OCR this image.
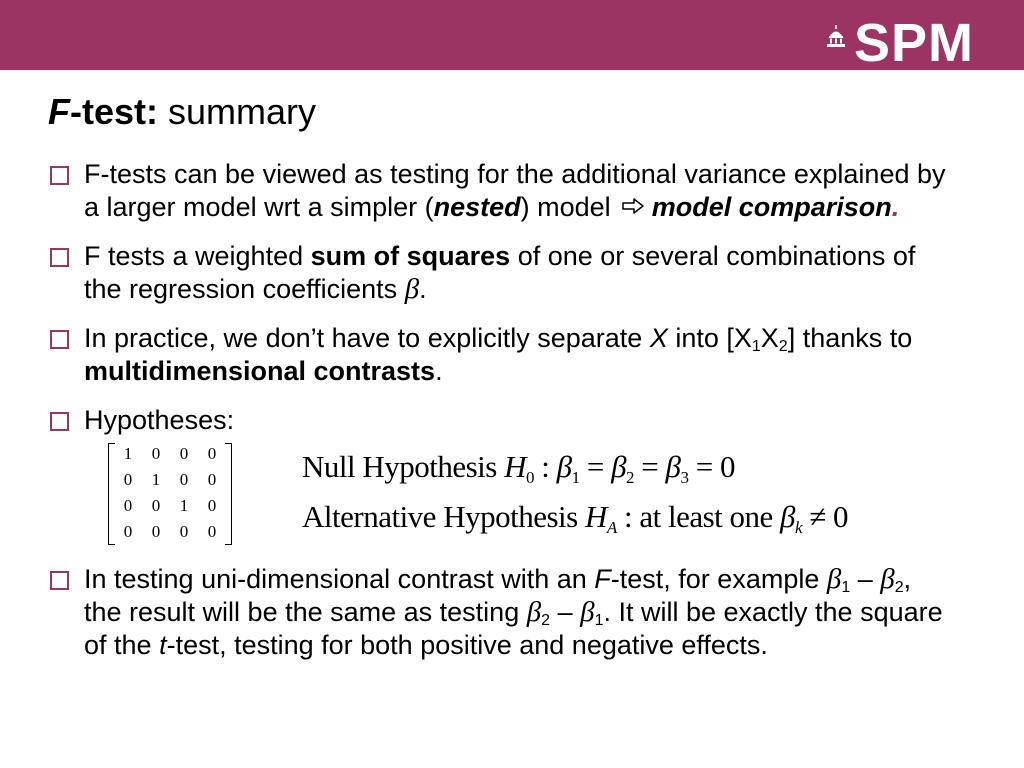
SPM
F-test: summary
F-tests can be viewed as testing for the additional variance explained by a larger model wrt a simpler (nested) model model comparison.
F tests a weighted sum of squares of one or several combinations of the regression coefficients β.
In practice, we don’t have to explicitly separate X into $[X_1X_2]$ thanks to multidimensional contrasts.
Hypotheses:
1	0	0	0
0	1	0	0
0	0	1	0
0	0	0	0
Null Hypothesis $H_0$ : $\beta_1 = \beta_2 = \beta_3 = 0$
Alternative Hypothesis $H_A$ : at least one $\beta_k \ne 0$
In testing uni-dimensional contrast with an F-test, for example $\beta_1 - \beta_2$, the result will be the same as testing $\beta_2 - \beta_1$. It will be exactly the square of the t-test, testing for both positive and negative effects.
